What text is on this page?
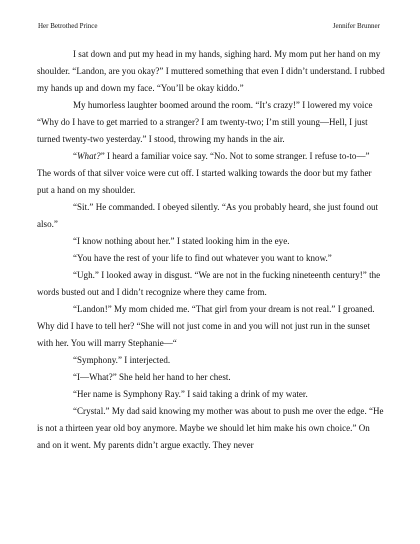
Her Betrothed Prince	Jennifer Brunner

I sat down and put my head in my hands, sighing hard. My mom put her hand on my shoulder. “Landon, are you okay?” I muttered something that even I didn’t understand. I rubbed my hands up and down my face. “You’ll be okay kiddo.”

My humorless laughter boomed around the room. “It’s crazy!” I lowered my voice “Why do I have to get married to a stranger? I am twenty-two; I’m still young—Hell, I just turned twenty-two yesterday.” I stood, throwing my hands in the air.

“What?” I heard a familiar voice say. “No. Not to some stranger. I refuse to-to—” The words of that silver voice were cut off. I started walking towards the door but my father put a hand on my shoulder.

“Sit.” He commanded. I obeyed silently. “As you probably heard, she just found out also.”

“I know nothing about her.” I stated looking him in the eye.

“You have the rest of your life to find out whatever you want to know.”

“Ugh.” I looked away in disgust. “We are not in the fucking nineteenth century!” the words busted out and I didn’t recognize where they came from.

“Landon!” My mom chided me. “That girl from your dream is not real.” I groaned. Why did I have to tell her? “She will not just come in and you will not just run in the sunset with her. You will marry Stephanie—“

“Symphony.” I interjected.

“I—What?” She held her hand to her chest.

“Her name is Symphony Ray.” I said taking a drink of my water.

“Crystal.” My dad said knowing my mother was about to push me over the edge. “He is not a thirteen year old boy anymore. Maybe we should let him make his own choice.” On and on it went. My parents didn’t argue exactly. They never
